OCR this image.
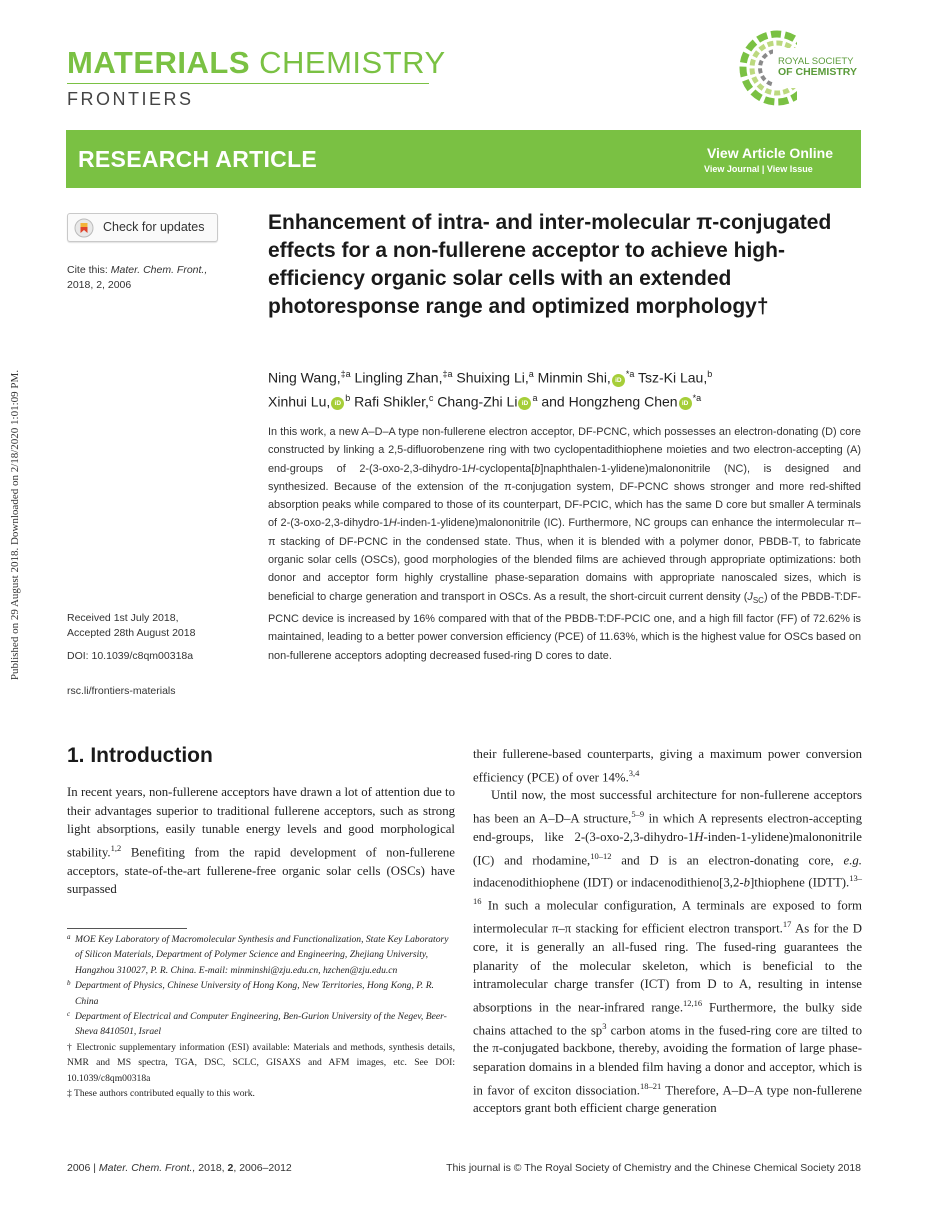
Published on 29 August 2018. Downloaded on 2/18/2020 1:01:09 PM.
MATERIALS CHEMISTRY
FRONTIERS
ROYAL SOCIETY
OF CHEMISTRY
RESEARCH ARTICLE	View Article Online
View Journal | View Issue
Check for updates
Cite this: Mater. Chem. Front.,
2018, 2, 2006
Received 1st July 2018,
Accepted 28th August 2018
DOI: 10.1039/c8qm00318a
rsc.li/frontiers-materials
Enhancement of intra- and inter-molecular π-conjugated effects for a non-fullerene acceptor to achieve high-efficiency organic solar cells with an extended photoresponse range and optimized morphology†
Ning Wang,$^{\ddagger a}$ Lingling Zhan,$^{\ddagger a}$ Shuixing Li,$^a$ Minmin Shi, $iD^{*a}$ Tsz-Ki Lau,$^b$
Xinhui Lu, $iD^b$ Rafi Shikler,$^c$ Chang-Zhi Li $iD^a$ and Hongzheng Chen $iD^{*a}$
In this work, a new A–D–A type non-fullerene electron acceptor, DF-PCNC, which possesses an electron-donating (D) core constructed by linking a 2,5-difluorobenzene ring with two cyclopentadithiophene moieties and two electron-accepting (A) end-groups of 2-(3-oxo-2,3-dihydro-1H-cyclopenta[b]naphthalen-1-ylidene)malononitrile (NC), is designed and synthesized. Because of the extension of the π-conjugation system, DF-PCNC shows stronger and more red-shifted absorption peaks while compared to those of its counterpart, DF-PCIC, which has the same D core but smaller A terminals of 2-(3-oxo-2,3-dihydro-1H-inden-1-ylidene)malononitrile (IC). Furthermore, NC groups can enhance the intermolecular π–π stacking of DF-PCNC in the condensed state. Thus, when it is blended with a polymer donor, PBDB-T, to fabricate organic solar cells (OSCs), good morphologies of the blended films are achieved through appropriate optimizations: both donor and acceptor form highly crystalline phase-separation domains with appropriate nanoscaled sizes, which is beneficial to charge generation and transport in OSCs. As a result, the short-circuit current density $(J_{SC})$ of the PBDB-T:DF-PCNC device is increased by 16% compared with that of the PBDB-T:DF-PCIC one, and a high fill factor (FF) of 72.62% is maintained, leading to a better power conversion efficiency (PCE) of 11.63%, which is the highest value for OSCs based on non-fullerene acceptors adopting decreased fused-ring D cores to date.
1. Introduction

In recent years, non-fullerene acceptors have drawn a lot of attention due to their advantages superior to traditional fullerene acceptors, such as strong light absorptions, easily tunable energy levels and good morphological stability.$^{1,2}$ Benefiting from the rapid development of non-fullerene acceptors, state-of-the-art fullerene-free organic solar cells (OSCs) have surpassed

a MOE Key Laboratory of Macromolecular Synthesis and Functionalization, State Key Laboratory of Silicon Materials, Department of Polymer Science and Engineering, Zhejiang University, Hangzhou 310027, P. R. China. E-mail: minminshi@zju.edu.cn, hzchen@zju.edu.cn
b Department of Physics, Chinese University of Hong Kong, New Territories, Hong Kong, P. R. China
c Department of Electrical and Computer Engineering, Ben-Gurion University of the Negev, Beer-Sheva 8410501, Israel
† Electronic supplementary information (ESI) available: Materials and methods, synthesis details, NMR and MS spectra, TGA, DSC, SCLC, GISAXS and AFM images, etc. See DOI: 10.1039/c8qm00318a
‡ These authors contributed equally to this work.

their fullerene-based counterparts, giving a maximum power conversion efficiency (PCE) of over 14%.$^{3,4}$

Until now, the most successful architecture for non-fullerene acceptors has been an A–D–A structure,$^{5-9}$ in which A represents electron-accepting end-groups, like 2-(3-oxo-2,3-dihydro-1H-inden-1-ylidene)malononitrile (IC) and rhodamine,$^{10-12}$ and D is an electron-donating core, e.g. indacenodithiophene (IDT) or indacenodithieno[3,2-b]thiophene (IDTT).$^{13-16}$ In such a molecular configuration, A terminals are exposed to form intermolecular π–π stacking for efficient electron transport.$^{17}$ As for the D core, it is generally an all-fused ring. The fused-ring guarantees the planarity of the molecular skeleton, which is beneficial to the intramolecular charge transfer (ICT) from D to A, resulting in intense absorptions in the near-infrared range.$^{12,16}$ Furthermore, the bulky side chains attached to the $sp^3$ carbon atoms in the fused-ring core are tilted to the π-conjugated backbone, thereby, avoiding the formation of large phase-separation domains in a blended film having a donor and acceptor, which is in favor of exciton dissociation.$^{18-21}$ Therefore, A–D–A type non-fullerene acceptors grant both efficient charge generation

2006 | Mater. Chem. Front., 2018, 2, 2006–2012	This journal is © The Royal Society of Chemistry and the Chinese Chemical Society 2018
